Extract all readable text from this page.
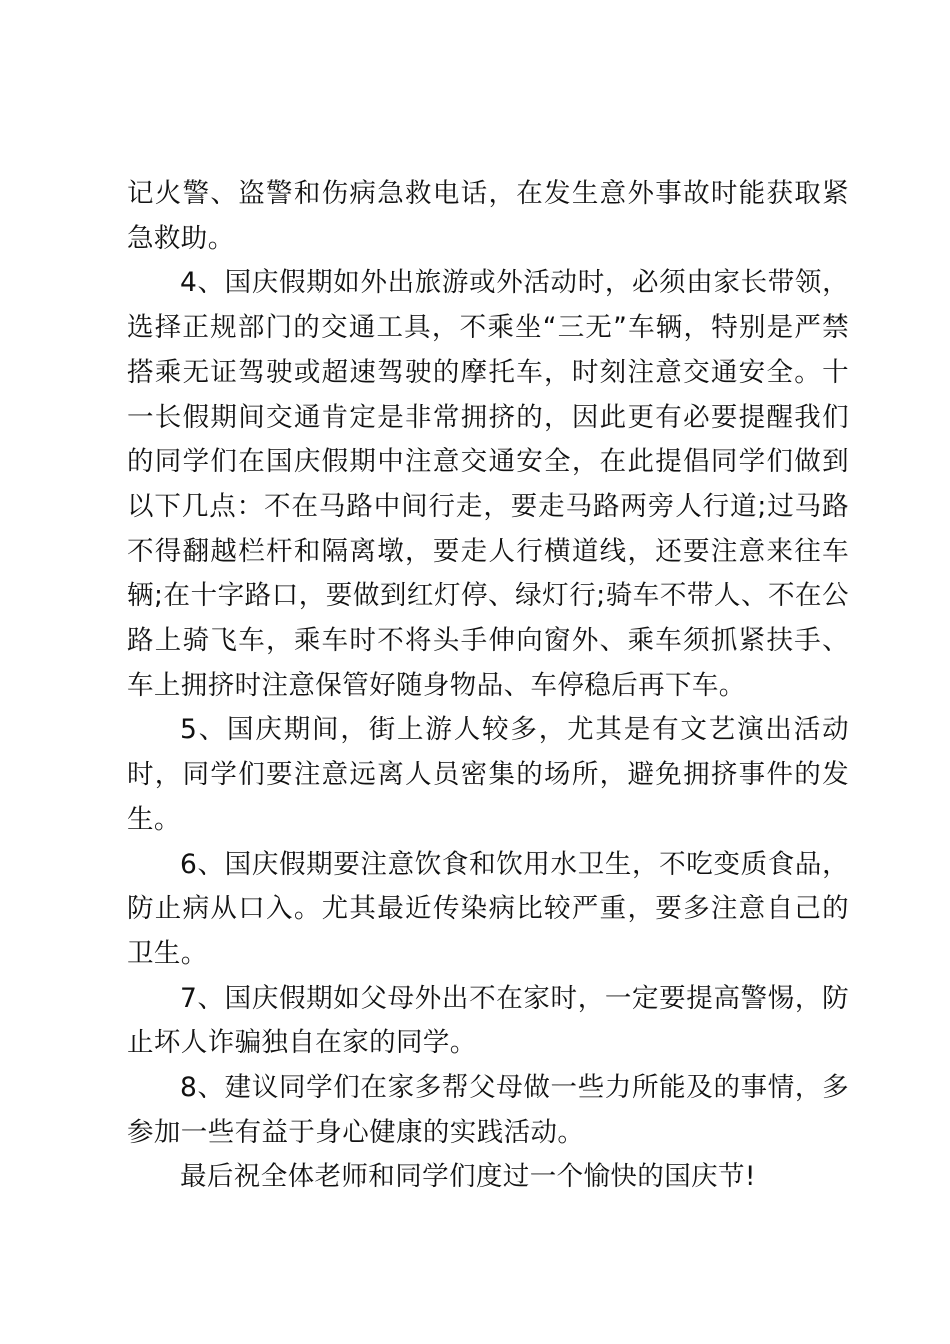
记火警、盗警和伤病急救电话，在发生意外事故时能获取紧急救助。

4、国庆假期如外出旅游或外活动时，必须由家长带领，选择正规部门的交通工具，不乘坐“三无”车辆，特别是严禁搭乘无证驾驶或超速驾驶的摩托车，时刻注意交通安全。十一长假期间交通肯定是非常拥挤的，因此更有必要提醒我们的同学们在国庆假期中注意交通安全，在此提倡同学们做到以下几点：不在马路中间行走，要走马路两旁人行道;过马路不得翻越栏杆和隔离墩，要走人行横道线，还要注意来往车辆;在十字路口，要做到红灯停、绿灯行;骑车不带人、不在公路上骑飞车，乘车时不将头手伸向窗外、乘车须抓紧扶手、车上拥挤时注意保管好随身物品、车停稳后再下车。

5、国庆期间，街上游人较多，尤其是有文艺演出活动时，同学们要注意远离人员密集的场所，避免拥挤事件的发生。

6、国庆假期要注意饮食和饮用水卫生，不吃变质食品，防止病从口入。尤其最近传染病比较严重，要多注意自己的卫生。

7、国庆假期如父母外出不在家时，一定要提高警惕，防止坏人诈骗独自在家的同学。

8、建议同学们在家多帮父母做一些力所能及的事情，多参加一些有益于身心健康的实践活动。

最后祝全体老师和同学们度过一个愉快的国庆节!
